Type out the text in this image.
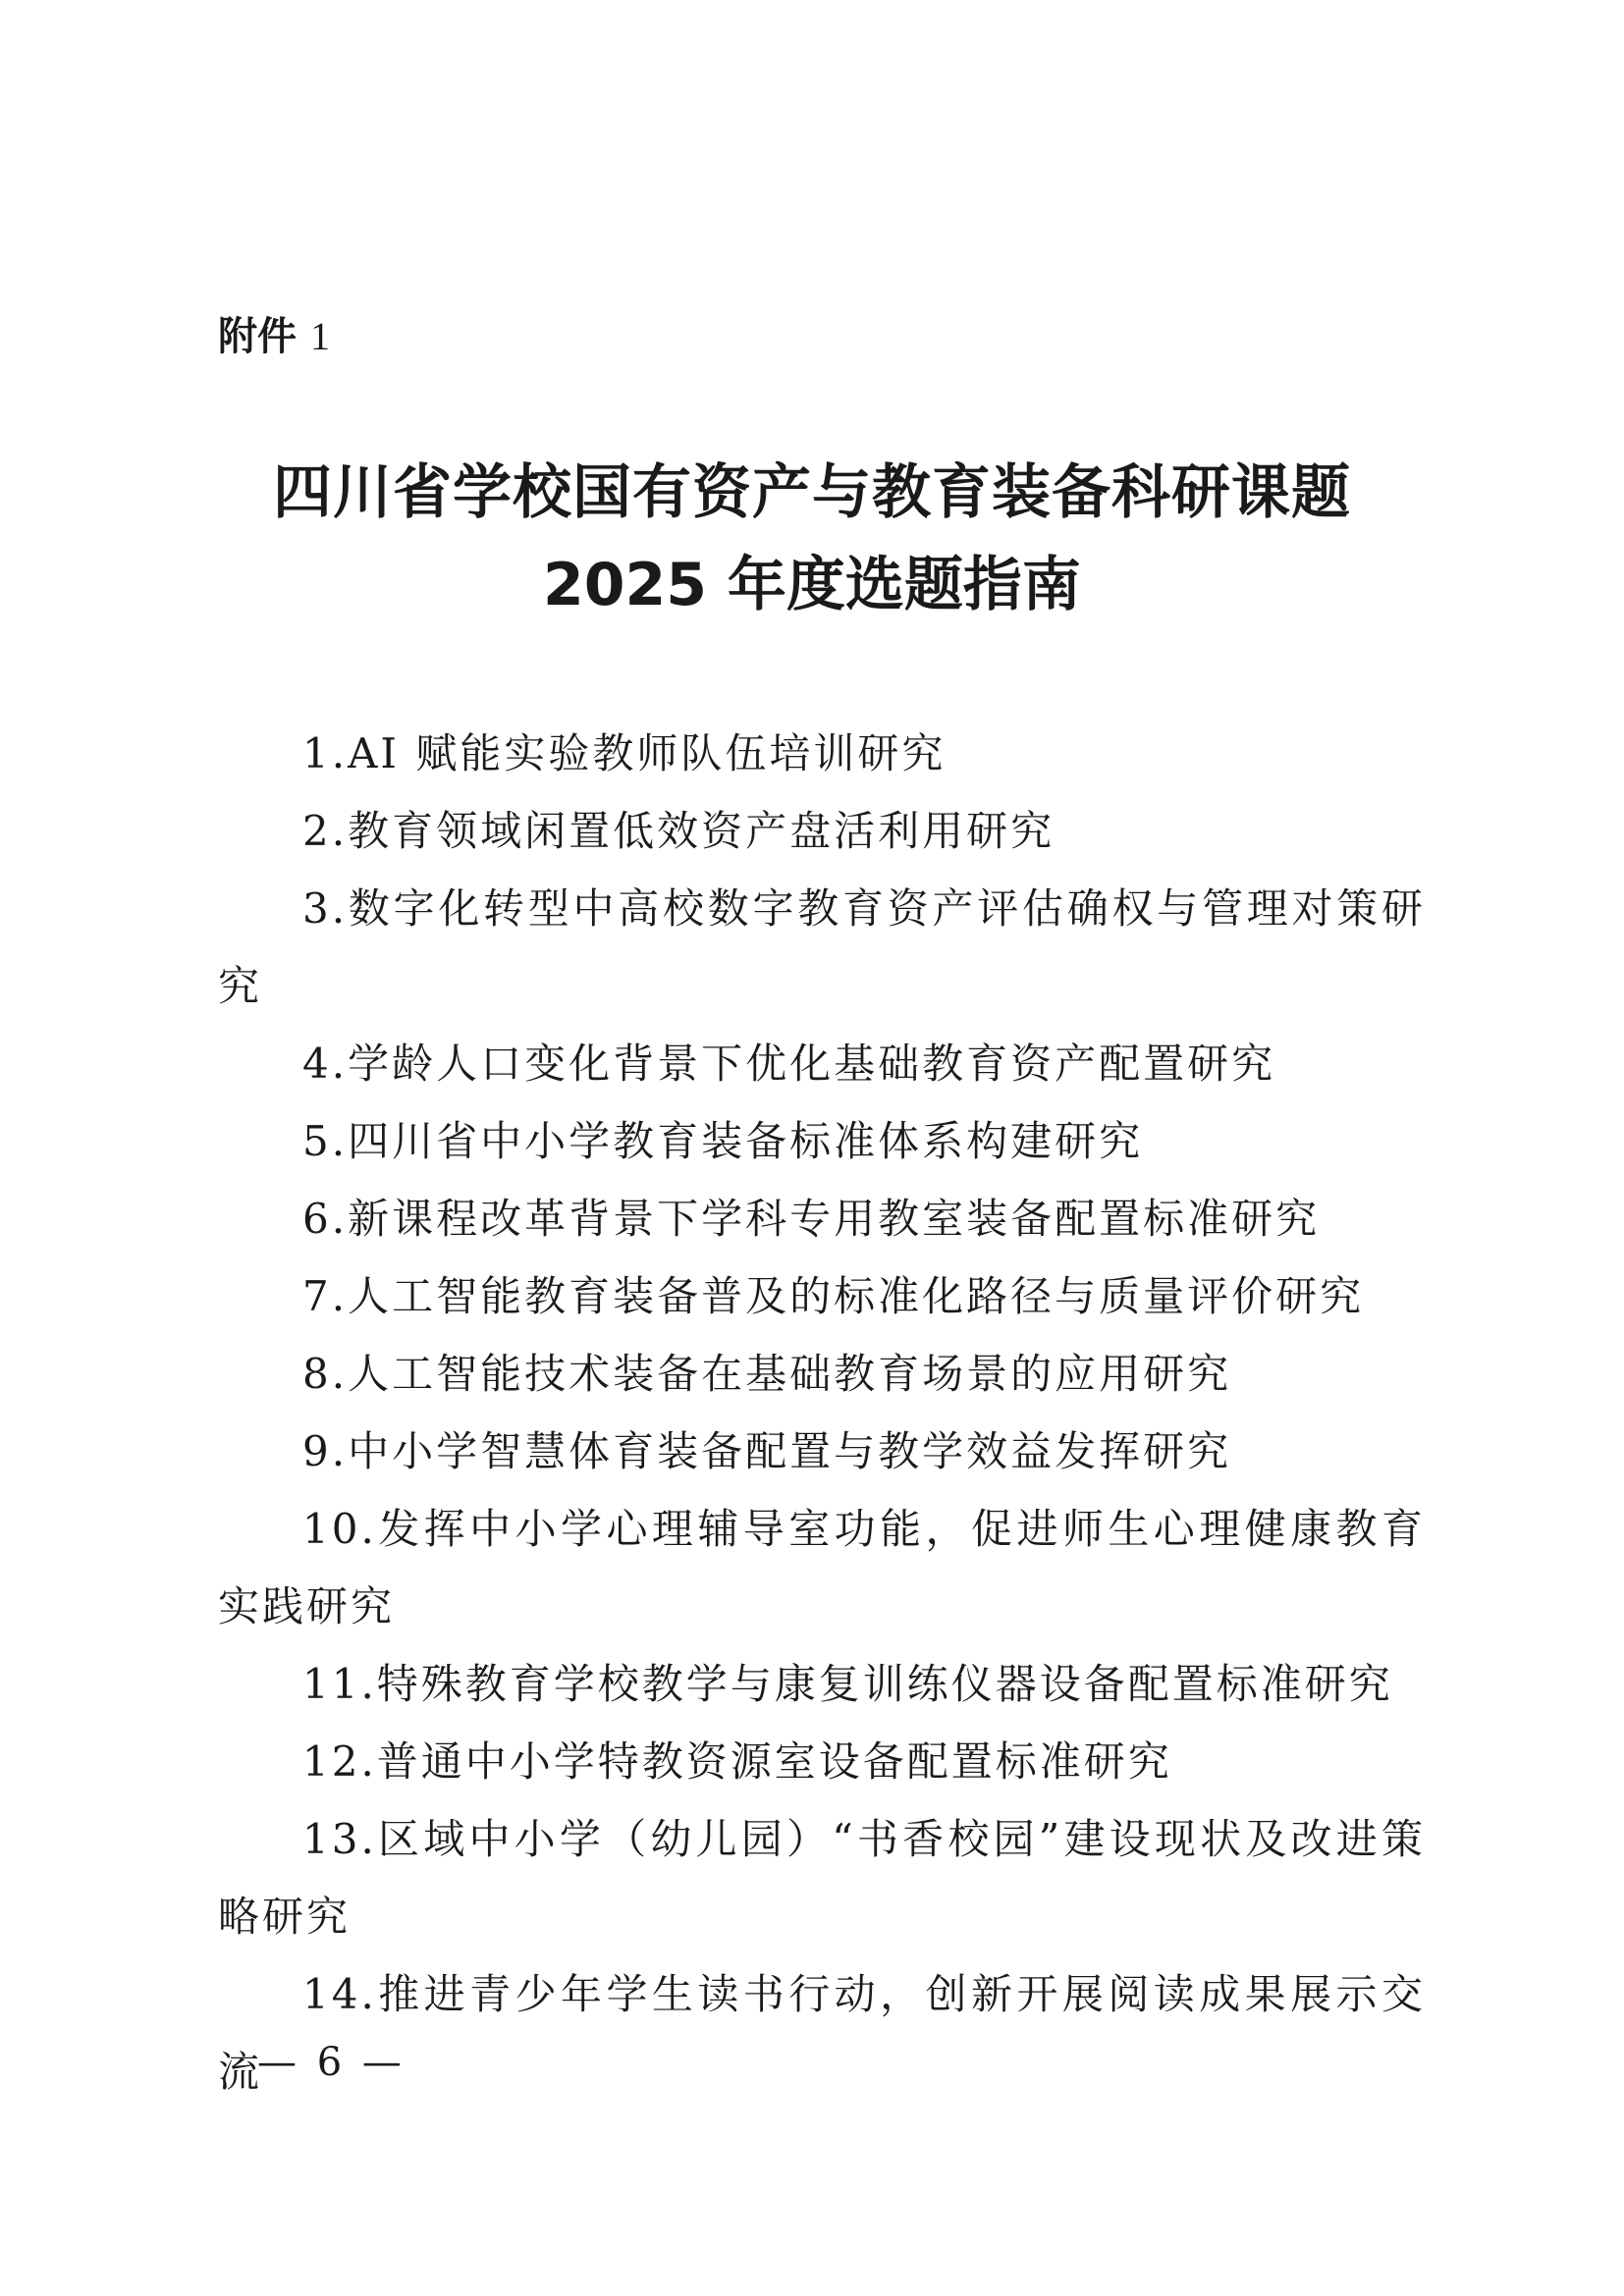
附件 1
四川省学校国有资产与教育装备科研课题
2025 年度选题指南
1.AI 赋能实验教师队伍培训研究
2.教育领域闲置低效资产盘活利用研究
3.数字化转型中高校数字教育资产评估确权与管理对策研究
4.学龄人口变化背景下优化基础教育资产配置研究
5.四川省中小学教育装备标准体系构建研究
6.新课程改革背景下学科专用教室装备配置标准研究
7.人工智能教育装备普及的标准化路径与质量评价研究
8.人工智能技术装备在基础教育场景的应用研究
9.中小学智慧体育装备配置与教学效益发挥研究
10.发挥中小学心理辅导室功能，促进师生心理健康教育实践研究
11.特殊教育学校教学与康复训练仪器设备配置标准研究
12.普通中小学特教资源室设备配置标准研究
13.区域中小学（幼儿园）“书香校园”建设现状及改进策略研究
14.推进青少年学生读书行动，创新开展阅读成果展示交流
— 6 —
